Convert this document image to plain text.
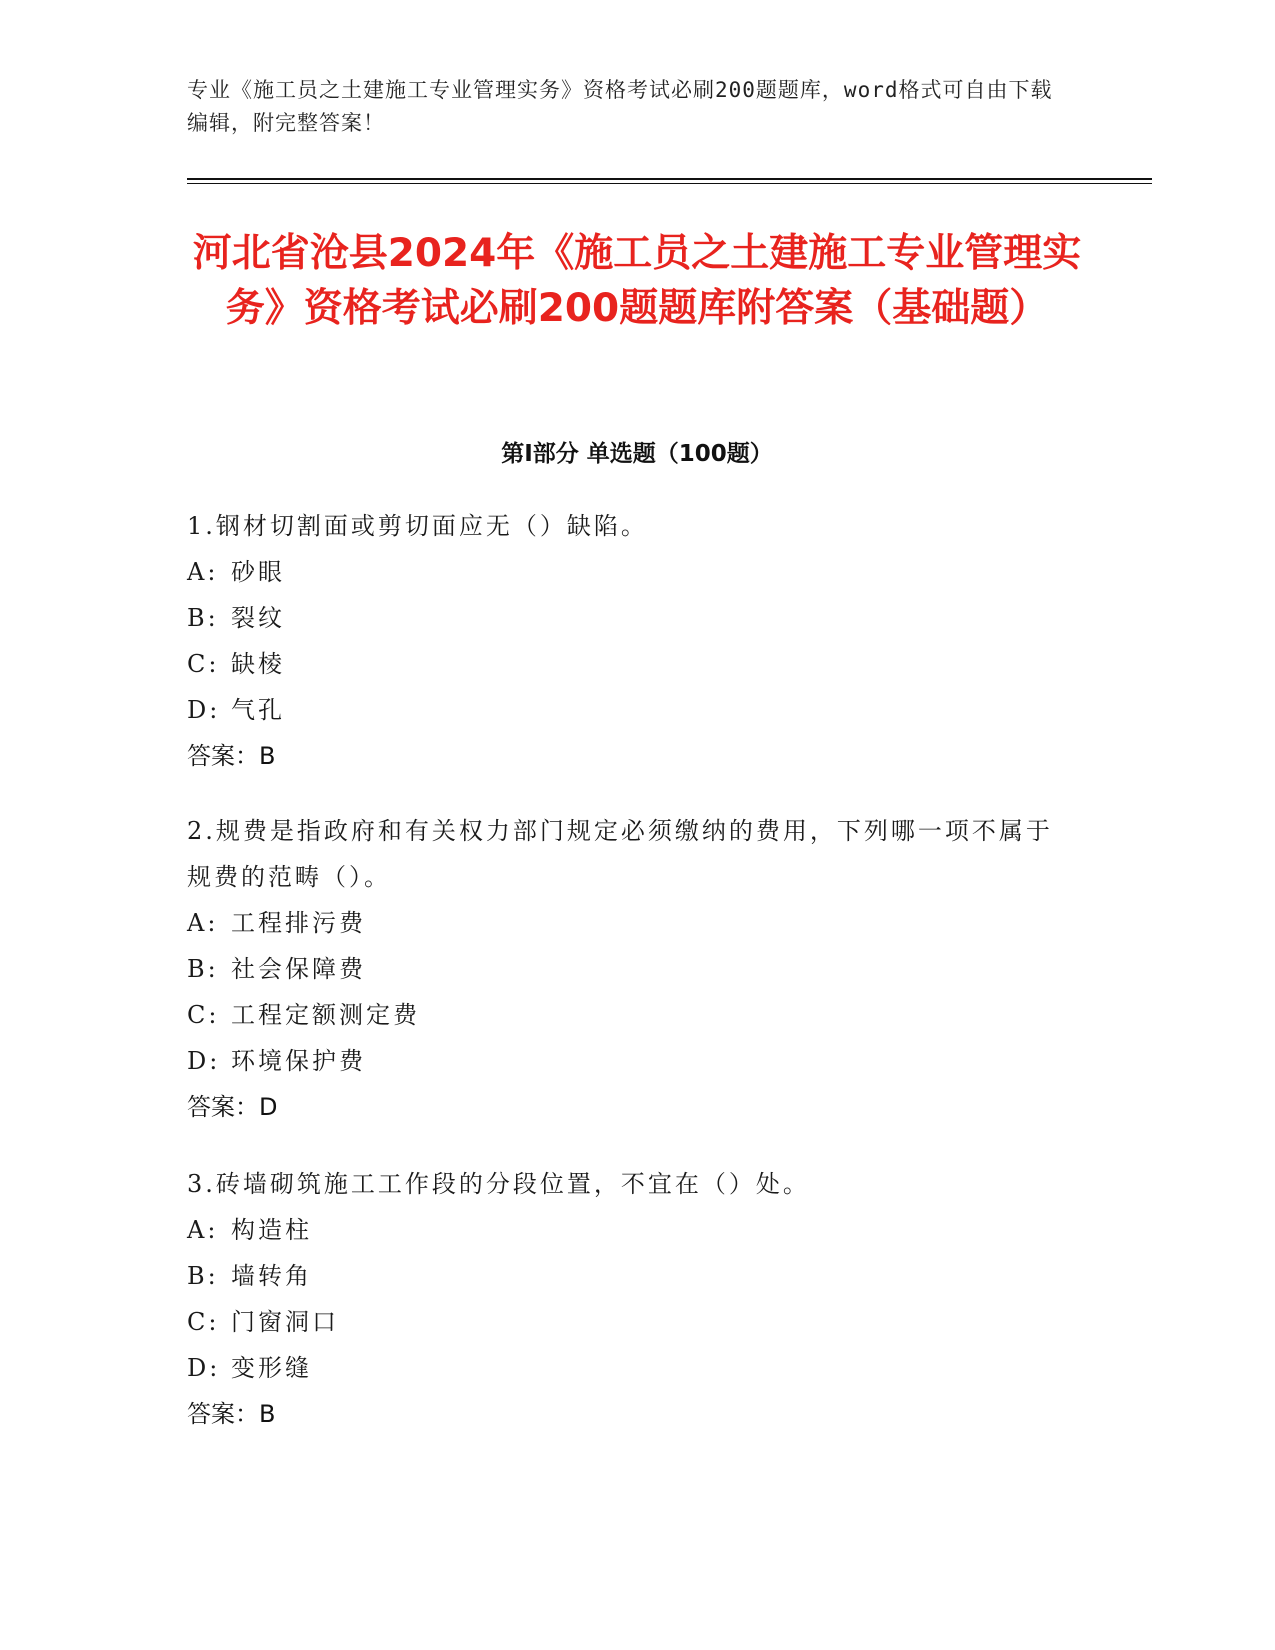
专业《施工员之土建施工专业管理实务》资格考试必刷200题题库，word格式可自由下载编辑，附完整答案！
河北省沧县2024年《施工员之土建施工专业管理实务》资格考试必刷200题题库附答案（基础题）
第I部分 单选题（100题）

1.钢材切割面或剪切面应无（）缺陷。

A: 砂眼
B: 裂纹
C: 缺棱
D: 气孔

答案：B

2.规费是指政府和有关权力部门规定必须缴纳的费用，下列哪一项不属于规费的范畴（）。

A: 工程排污费
B: 社会保障费
C: 工程定额测定费
D: 环境保护费

答案：D

3.砖墙砌筑施工工作段的分段位置，不宜在（）处。

A: 构造柱
B: 墙转角
C: 门窗洞口
D: 变形缝

答案：B
